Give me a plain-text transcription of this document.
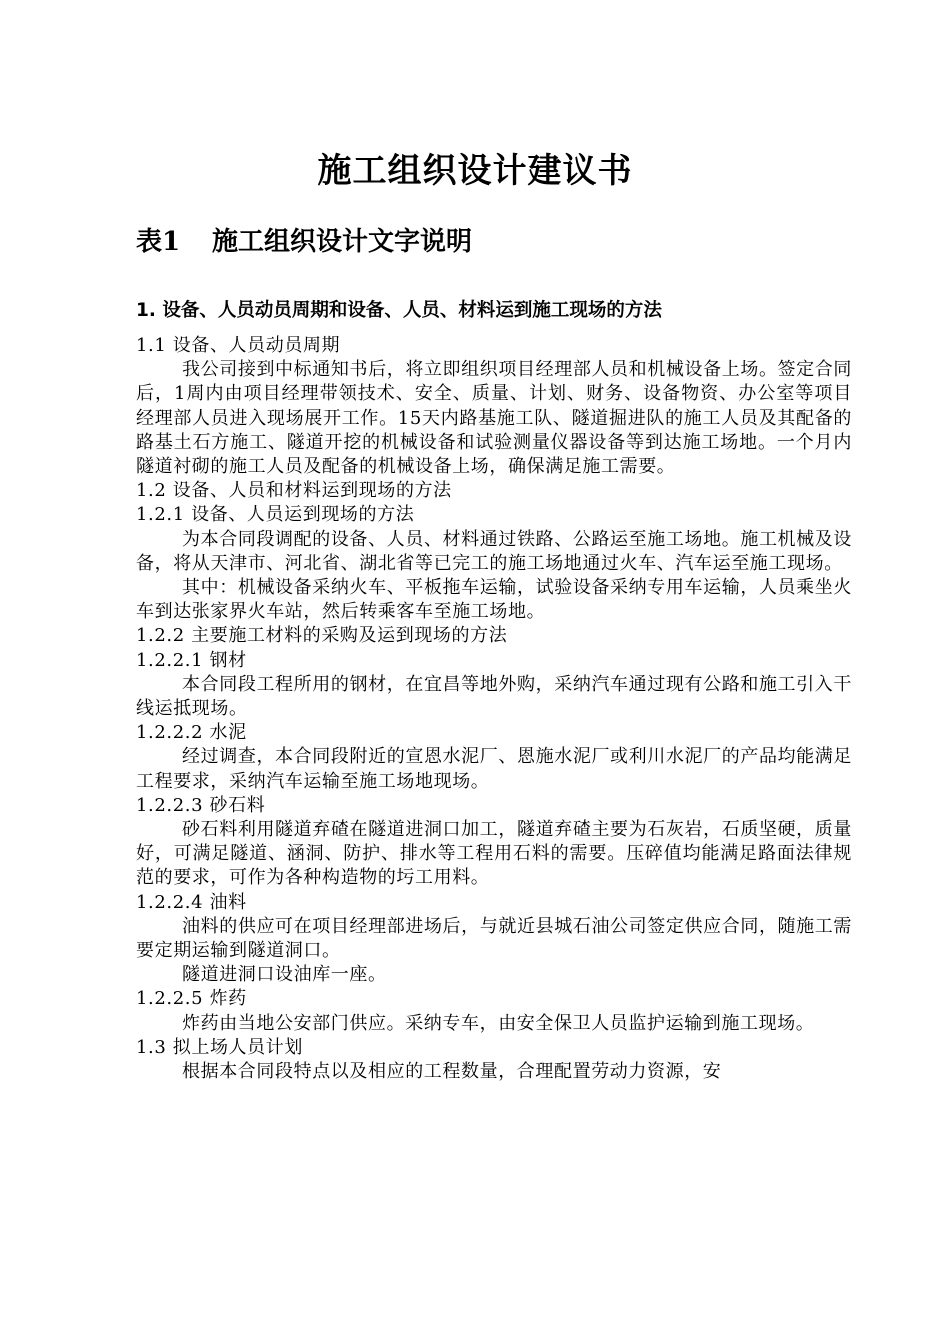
施工组织设计建议书
表1 施工组织设计文字说明
1. 设备、人员动员周期和设备、人员、材料运到施工现场的方法

1.1 设备、人员动员周期

我公司接到中标通知书后，将立即组织项目经理部人员和机械设备上场。签定合同后，1周内由项目经理带领技术、安全、质量、计划、财务、设备物资、办公室等项目经理部人员进入现场展开工作。15天内路基施工队、隧道掘进队的施工人员及其配备的路基土石方施工、隧道开挖的机械设备和试验测量仪器设备等到达施工场地。一个月内隧道衬砌的施工人员及配备的机械设备上场，确保满足施工需要。

1.2 设备、人员和材料运到现场的方法

1.2.1 设备、人员运到现场的方法

为本合同段调配的设备、人员、材料通过铁路、公路运至施工场地。施工机械及设备，将从天津市、河北省、湖北省等已完工的施工场地通过火车、汽车运至施工现场。

其中：机械设备采纳火车、平板拖车运输，试验设备采纳专用车运输，人员乘坐火车到达张家界火车站，然后转乘客车至施工场地。

1.2.2 主要施工材料的采购及运到现场的方法

1.2.2.1 钢材

本合同段工程所用的钢材，在宜昌等地外购，采纳汽车通过现有公路和施工引入干线运抵现场。

1.2.2.2 水泥

经过调查，本合同段附近的宣恩水泥厂、恩施水泥厂或利川水泥厂的产品均能满足工程要求，采纳汽车运输至施工场地现场。

1.2.2.3 砂石料

砂石料利用隧道弃碴在隧道进洞口加工，隧道弃碴主要为石灰岩，石质坚硬，质量好，可满足隧道、涵洞、防护、排水等工程用石料的需要。压碎值均能满足路面法律规范的要求，可作为各种构造物的圬工用料。

1.2.2.4 油料

油料的供应可在项目经理部进场后，与就近县城石油公司签定供应合同，随施工需要定期运输到隧道洞口。

隧道进洞口设油库一座。

1.2.2.5 炸药

炸药由当地公安部门供应。采纳专车，由安全保卫人员监护运输到施工现场。

1.3 拟上场人员计划

根据本合同段特点以及相应的工程数量，合理配置劳动力资源，安
